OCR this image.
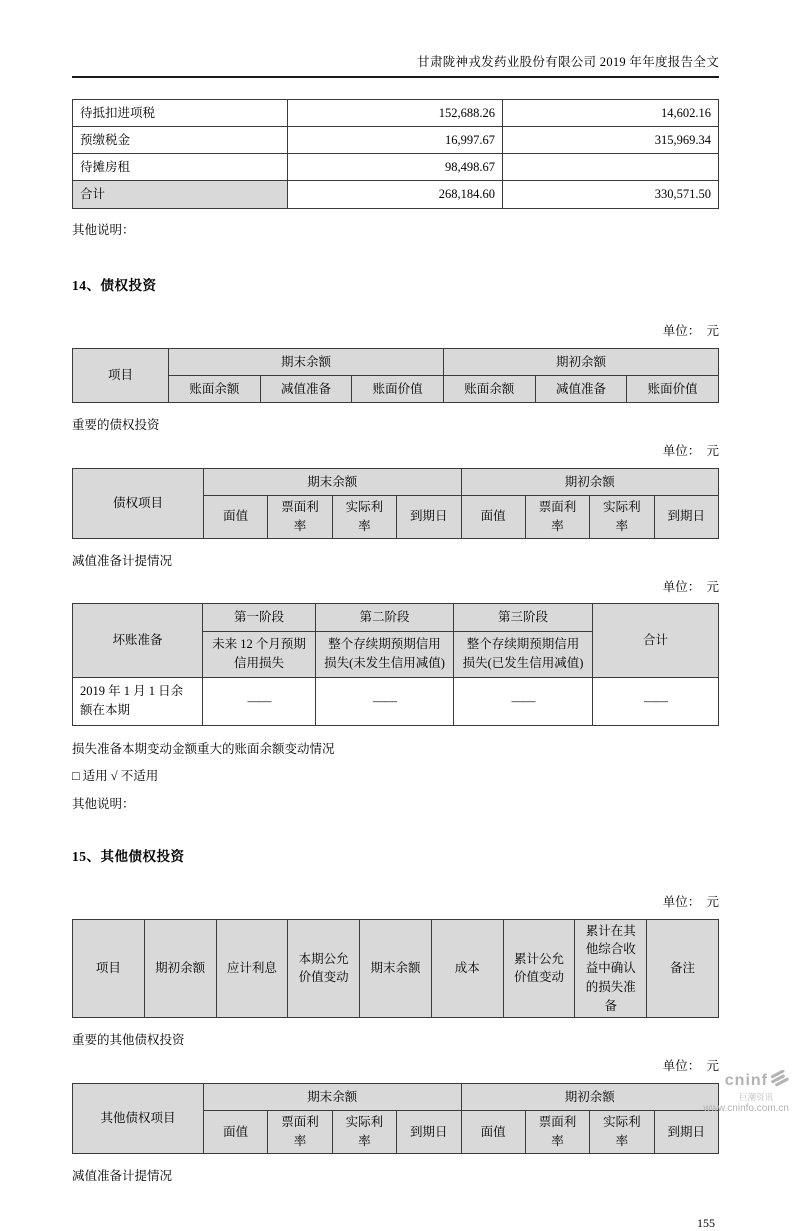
甘肃陇神戎发药业股份有限公司 2019 年年度报告全文
待抵扣进项税	152,688.26	14,602.16
预缴税金	16,997.67	315,969.34
待摊房租	98,498.67	
合计	268,184.60	330,571.50
其他说明：
14、债权投资
单位：　元
项目	期末余额			期初余额		
	账面余额	减值准备	账面价值	账面余额	减值准备	账面价值
重要的债权投资
单位：　元
债权项目	期末余额				期初余额			
	面值	票面利率	实际利率	到期日	面值	票面利率	实际利率	到期日
减值准备计提情况
单位：　元
坏账准备	第一阶段	第二阶段	第三阶段	合计
	未来 12 个月预期信用损失	整个存续期预期信用损失(未发生信用减值)	整个存续期预期信用损失(已发生信用减值)	
2019 年 1 月 1 日余额在本期	——	——	——	——
损失准备本期变动金额重大的账面余额变动情况
□ 适用 √ 不适用
其他说明：
15、其他债权投资
单位：　元
项目	期初余额	应计利息	本期公允价值变动	期末余额	成本	累计公允价值变动	累计在其他综合收益中确认的损失准备	备注
重要的其他债权投资
单位：　元
其他债权项目	期末余额				期初余额			
	面值	票面利率	实际利率	到期日	面值	票面利率	实际利率	到期日
减值准备计提情况
155
cninf
巨潮资讯
www.cninfo.com.cn
